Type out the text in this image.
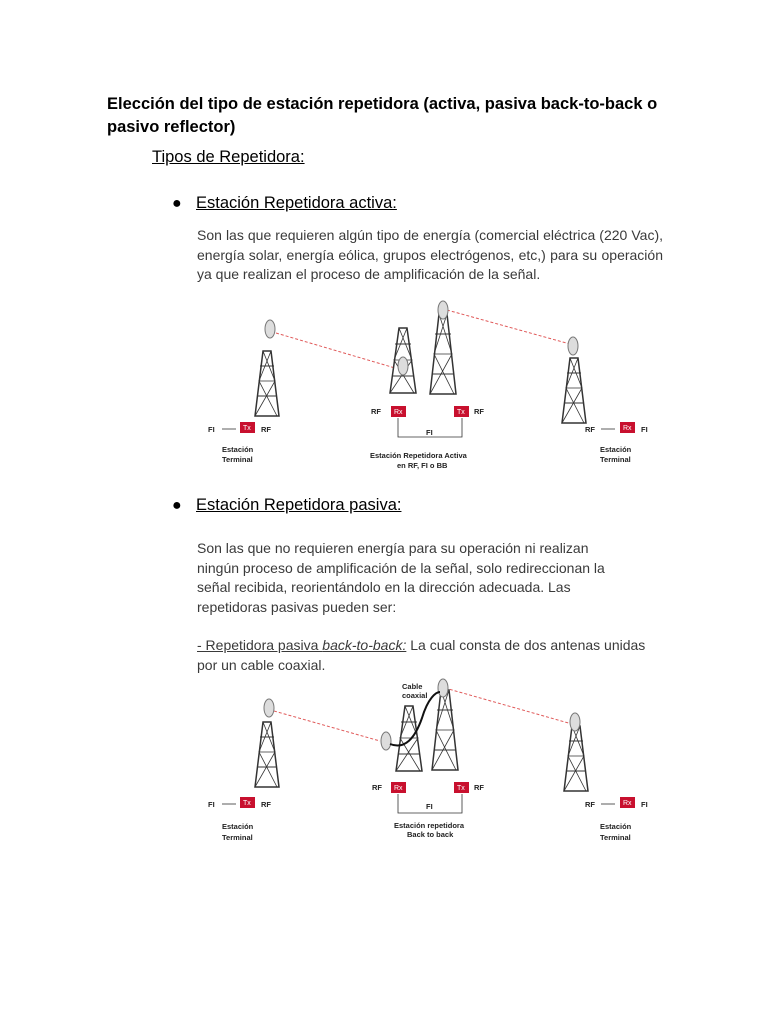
Elección del tipo de estación repetidora (activa, pasiva back-to-back o pasivo reflector)

Tipos de Repetidora:

● Estación Repetidora activa:

Son las que requieren algún tipo de energía (comercial eléctrica (220 Vac), energía solar, energía eólica, grupos electrógenos, etc,) para su operación ya que realizan el proceso de amplificación de la señal.

FI	Tx RF
Estación
Terminal
RF Rx	Tx RF
FI
Estación Repetidora Activa
en RF, FI o BB
RF	Rx FI
Estación
Terminal

● Estación Repetidora pasiva:

Son las que no requieren energía para su operación ni realizan ningún proceso de amplificación de la señal, solo redireccionan la señal recibida, reorientándolo en la dirección adecuada. Las repetidoras pasivas pueden ser:

- Repetidora pasiva back-to-back: La cual consta de dos antenas unidas por un cable coaxial.

Cable
coaxial
FI	Tx RF
Estación
Terminal
RF Rx	Tx RF
FI
Estación repetidora
Back to back
RF	Rx FI
Estación
Terminal
